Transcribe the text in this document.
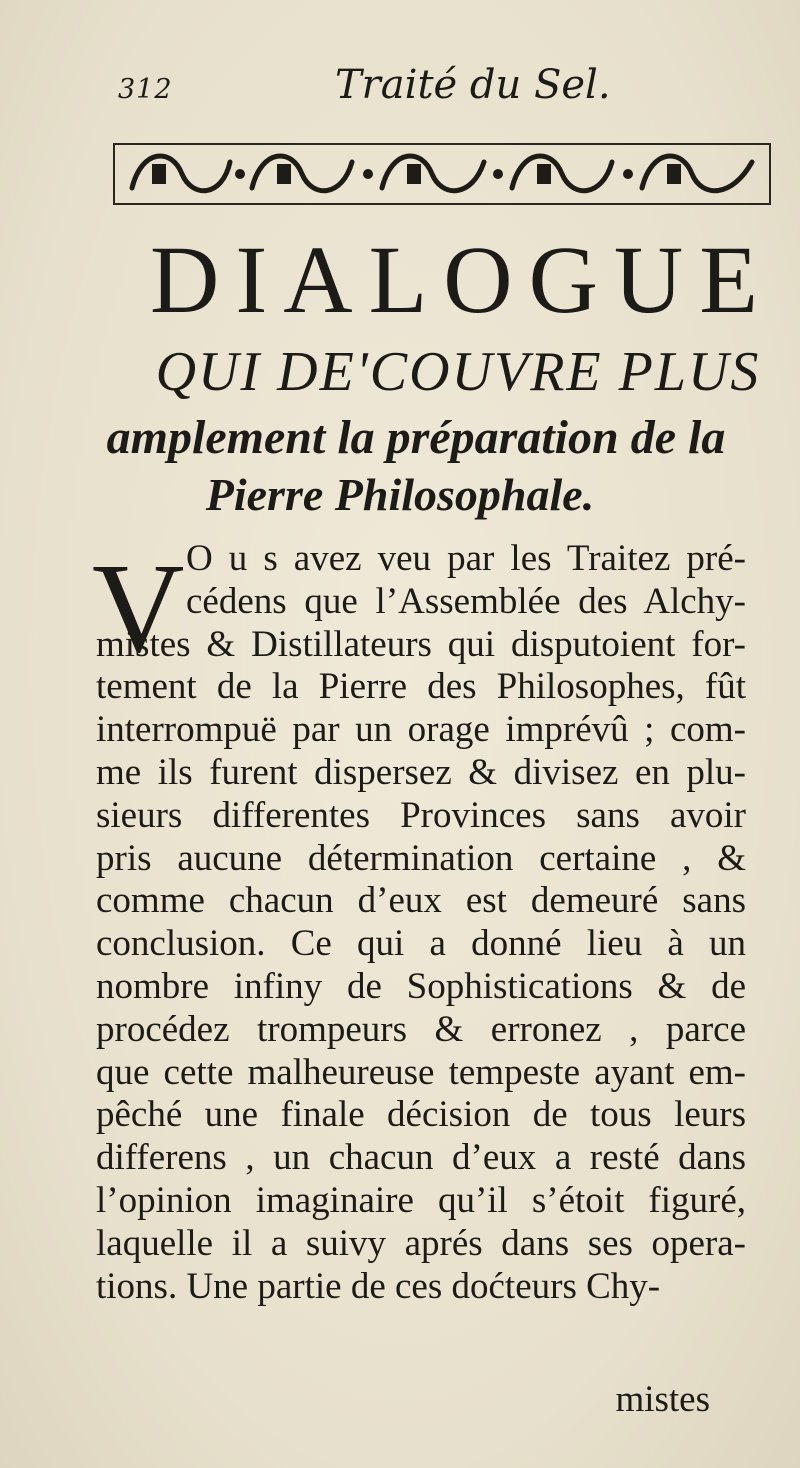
312	Traité du Sel.
DIALOGUE
QUI DE'COUVRE PLUS
amplement la préparation de la
Pierre Philosophale.
V O u s avez veu par les Traitez pré-
cédens que l’Assemblée des Alchy-
mistes & Distillateurs qui disputoient for-
tement de la Pierre des Philosophes, fût
interrompuë par un orage imprévû ; com-
me ils furent dispersez & divisez en plu-
sieurs differentes Provinces sans avoir
pris aucune détermination certaine , &
comme chacun d’eux est demeuré sans
conclusion. Ce qui a donné lieu à un
nombre infiny de Sophistications & de
procédez trompeurs & erronez , parce
que cette malheureuse tempeste ayant em-
pêché une finale décision de tous leurs
differens , un chacun d’eux a resté dans
l’opinion imaginaire qu’il s’étoit figuré,
laquelle il a suivy aprés dans ses opera-
tions. Une partie de ces doćteurs Chy-
mistes
